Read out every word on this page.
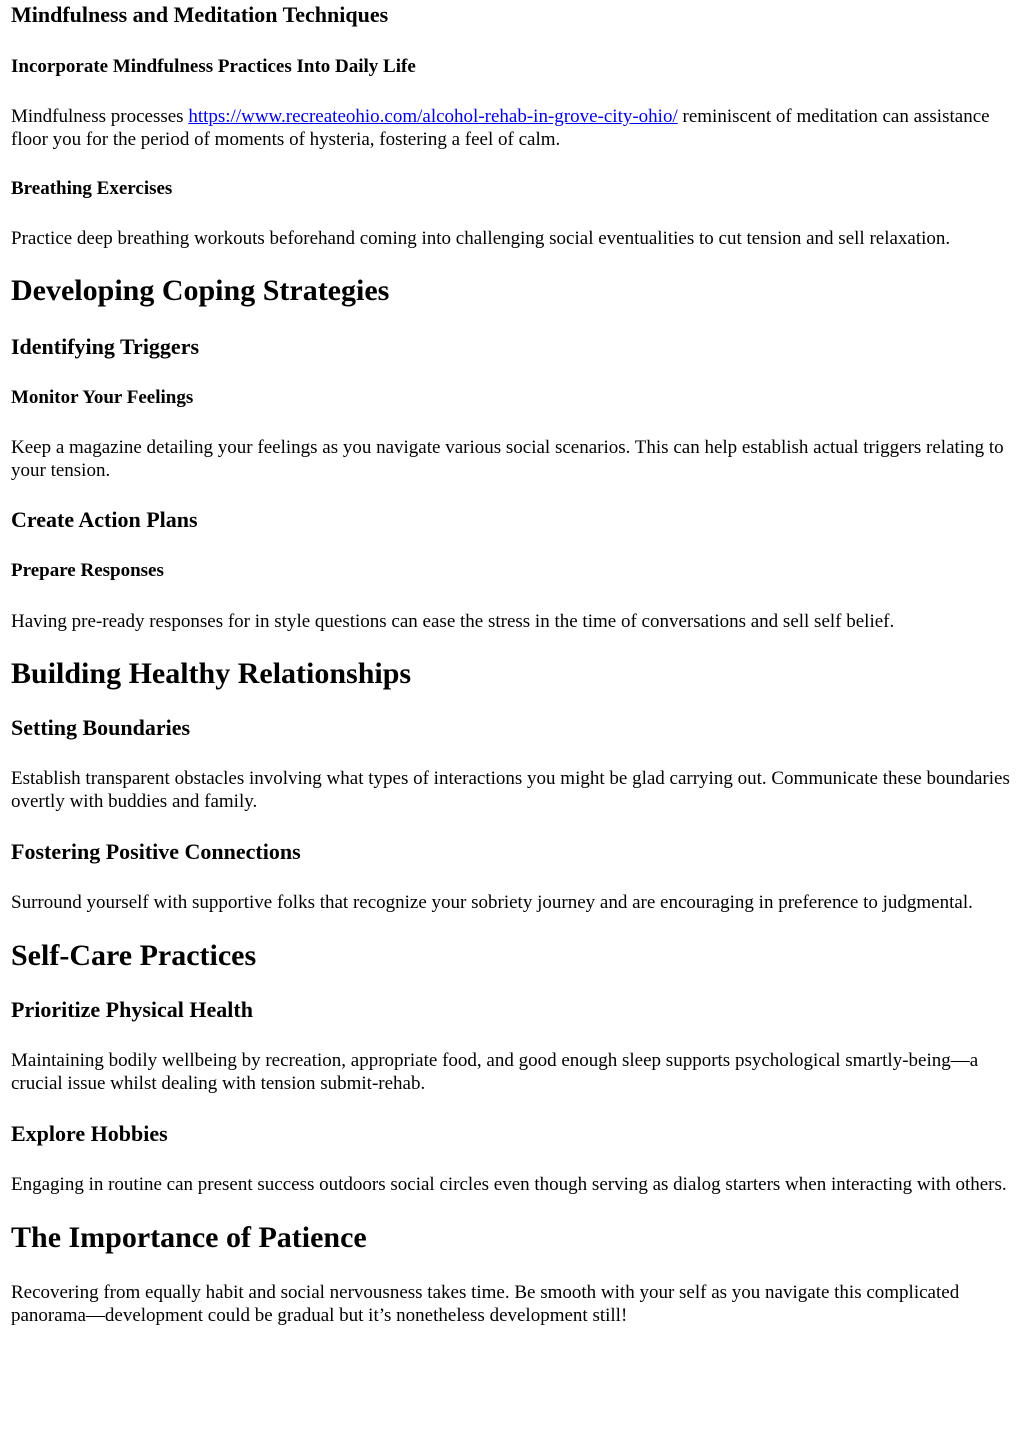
Mindfulness and Meditation Techniques
Incorporate Mindfulness Practices Into Daily Life

Mindfulness processes https://www.recreateohio.com/alcohol-rehab-in-grove-city-ohio/ reminiscent of meditation can assistance floor you for the period of moments of hysteria, fostering a feel of calm.

Breathing Exercises

Practice deep breathing workouts beforehand coming into challenging social eventualities to cut tension and sell relaxation.

Developing Coping Strategies
Identifying Triggers
Monitor Your Feelings

Keep a magazine detailing your feelings as you navigate various social scenarios. This can help establish actual triggers relating to your tension.

Create Action Plans
Prepare Responses

Having pre-ready responses for in style questions can ease the stress in the time of conversations and sell self belief.

Building Healthy Relationships
Setting Boundaries

Establish transparent obstacles involving what types of interactions you might be glad carrying out. Communicate these boundaries overtly with buddies and family.

Fostering Positive Connections

Surround yourself with supportive folks that recognize your sobriety journey and are encouraging in preference to judgmental.

Self-Care Practices
Prioritize Physical Health

Maintaining bodily wellbeing by recreation, appropriate food, and good enough sleep supports psychological smartly-being—a crucial issue whilst dealing with tension submit-rehab.

Explore Hobbies

Engaging in routine can present success outdoors social circles even though serving as dialog starters when interacting with others.

The Importance of Patience

Recovering from equally habit and social nervousness takes time. Be smooth with your self as you navigate this complicated panorama—development could be gradual but it’s nonetheless development still!
